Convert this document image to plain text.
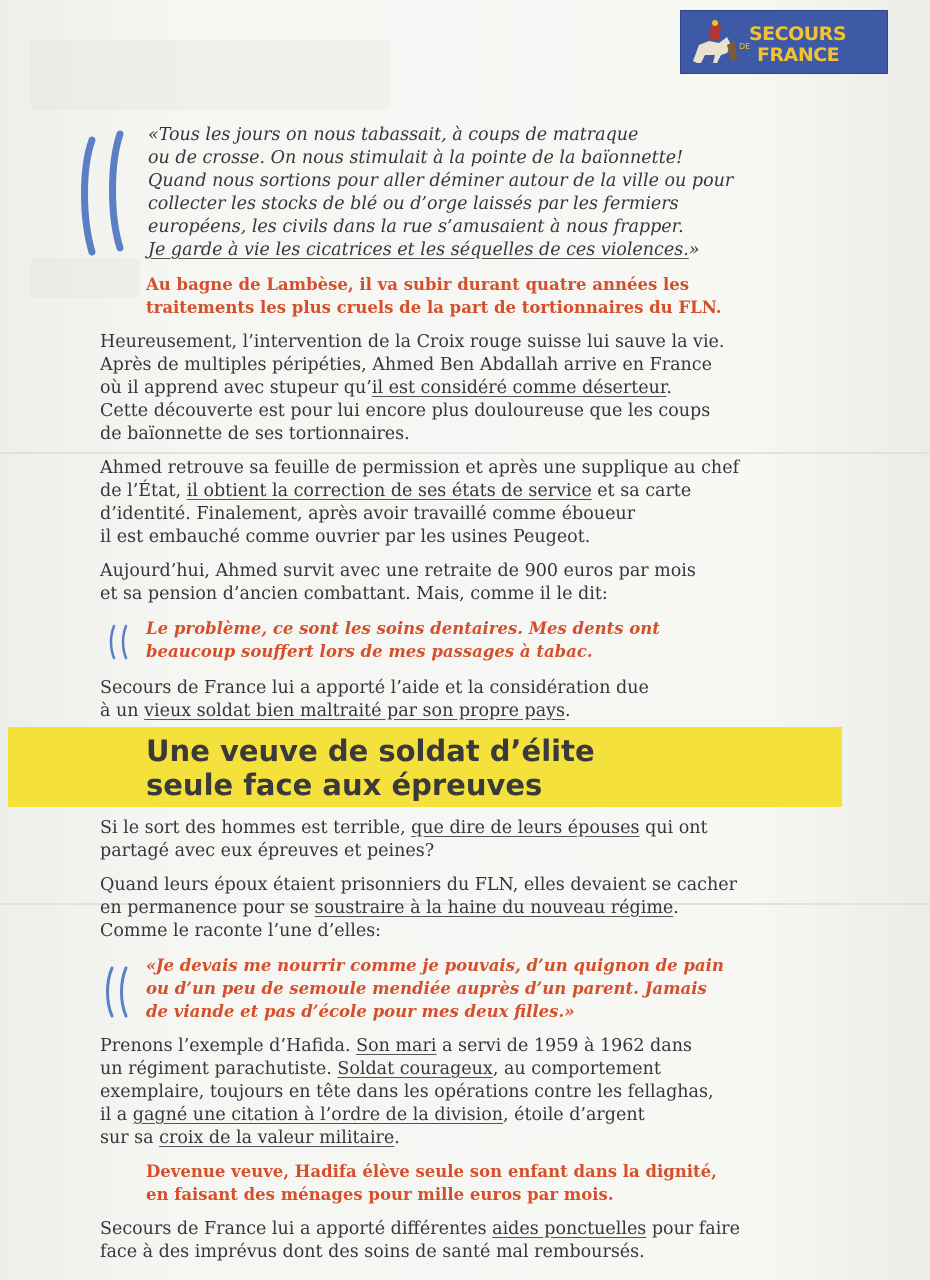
SECOURS
DE FRANCE
«Tous les jours on nous tabassait, à coups de matraque
ou de crosse. On nous stimulait à la pointe de la baïonnette!
Quand nous sortions pour aller déminer autour de la ville ou pour
collecter les stocks de blé ou d’orge laissés par les fermiers
européens, les civils dans la rue s’amusaient à nous frapper.
Je garde à vie les cicatrices et les séquelles de ces violences.»
Au bagne de Lambèse, il va subir durant quatre années les
traitements les plus cruels de la part de tortionnaires du FLN.
Heureusement, l’intervention de la Croix rouge suisse lui sauve la vie.
Après de multiples péripéties, Ahmed Ben Abdallah arrive en France
où il apprend avec stupeur qu’il est considéré comme déserteur.
Cette découverte est pour lui encore plus douloureuse que les coups
de baïonnette de ses tortionnaires.
Ahmed retrouve sa feuille de permission et après une supplique au chef
de l’État, il obtient la correction de ses états de service et sa carte
d’identité. Finalement, après avoir travaillé comme éboueur
il est embauché comme ouvrier par les usines Peugeot.
Aujourd’hui, Ahmed survit avec une retraite de 900 euros par mois
et sa pension d’ancien combattant. Mais, comme il le dit:
Le problème, ce sont les soins dentaires. Mes dents ont
beaucoup souffert lors de mes passages à tabac.
Secours de France lui a apporté l’aide et la considération due
à un vieux soldat bien maltraité par son propre pays.
Une veuve de soldat d’élite
seule face aux épreuves
Si le sort des hommes est terrible, que dire de leurs épouses qui ont
partagé avec eux épreuves et peines?
Quand leurs époux étaient prisonniers du FLN, elles devaient se cacher
en permanence pour se soustraire à la haine du nouveau régime.
Comme le raconte l’une d’elles:
«Je devais me nourrir comme je pouvais, d’un quignon de pain
ou d’un peu de semoule mendiée auprès d’un parent. Jamais
de viande et pas d’école pour mes deux filles.»
Prenons l’exemple d’Hafida. Son mari a servi de 1959 à 1962 dans
un régiment parachutiste. Soldat courageux, au comportement
exemplaire, toujours en tête dans les opérations contre les fellaghas,
il a gagné une citation à l’ordre de la division, étoile d’argent
sur sa croix de la valeur militaire.
Devenue veuve, Hadifa élève seule son enfant dans la dignité,
en faisant des ménages pour mille euros par mois.
Secours de France lui a apporté différentes aides ponctuelles pour faire
face à des imprévus dont des soins de santé mal remboursés.
